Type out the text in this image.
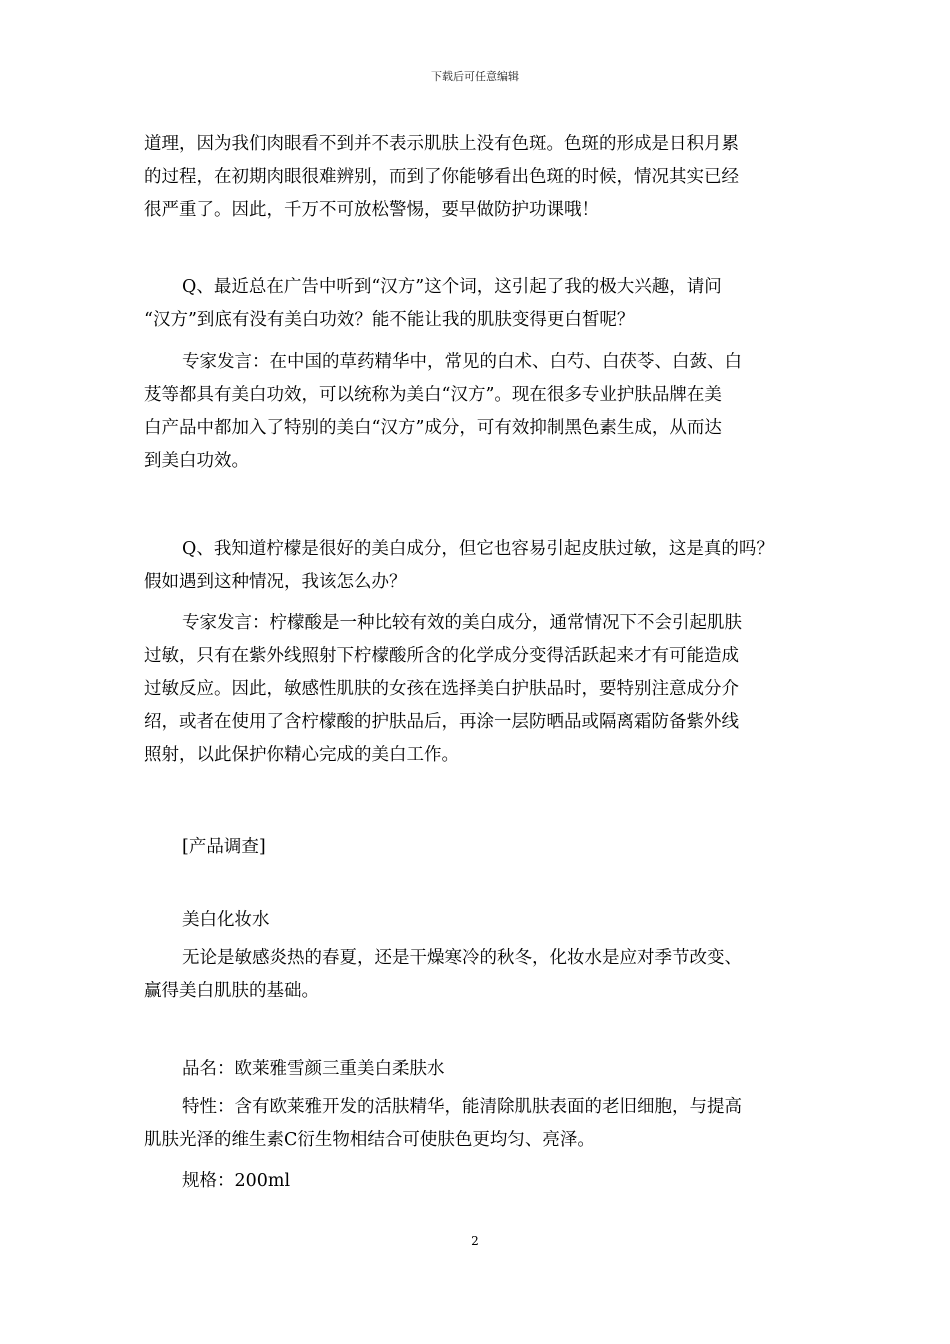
下载后可任意编辑

道理，因为我们肉眼看不到并不表示肌肤上没有色斑。色斑的形成是日积月累
的过程，在初期肉眼很难辨别，而到了你能够看出色斑的时候，情况其实已经
很严重了。因此，千万不可放松警惕，要早做防护功课哦！

Q、最近总在广告中听到“汉方”这个词，这引起了我的极大兴趣，请问
“汉方”到底有没有美白功效？能不能让我的肌肤变得更白皙呢？

专家发言：在中国的草药精华中，常见的白术、白芍、白茯苓、白蔹、白
芨等都具有美白功效，可以统称为美白“汉方”。现在很多专业护肤品牌在美
白产品中都加入了特别的美白“汉方”成分，可有效抑制黑色素生成，从而达
到美白功效。

Q、我知道柠檬是很好的美白成分，但它也容易引起皮肤过敏，这是真的吗？
假如遇到这种情况，我该怎么办？

专家发言：柠檬酸是一种比较有效的美白成分，通常情况下不会引起肌肤
过敏，只有在紫外线照射下柠檬酸所含的化学成分变得活跃起来才有可能造成
过敏反应。因此，敏感性肌肤的女孩在选择美白护肤品时，要特别注意成分介
绍，或者在使用了含柠檬酸的护肤品后，再涂一层防晒品或隔离霜防备紫外线
照射，以此保护你精心完成的美白工作。

[产品调查]

美白化妆水

无论是敏感炎热的春夏，还是干燥寒冷的秋冬，化妆水是应对季节改变、
赢得美白肌肤的基础。

品名：欧莱雅雪颜三重美白柔肤水

特性：含有欧莱雅开发的活肤精华，能清除肌肤表面的老旧细胞，与提高
肌肤光泽的维生素C衍生物相结合可使肤色更均匀、亮泽。

规格：200ml

2
